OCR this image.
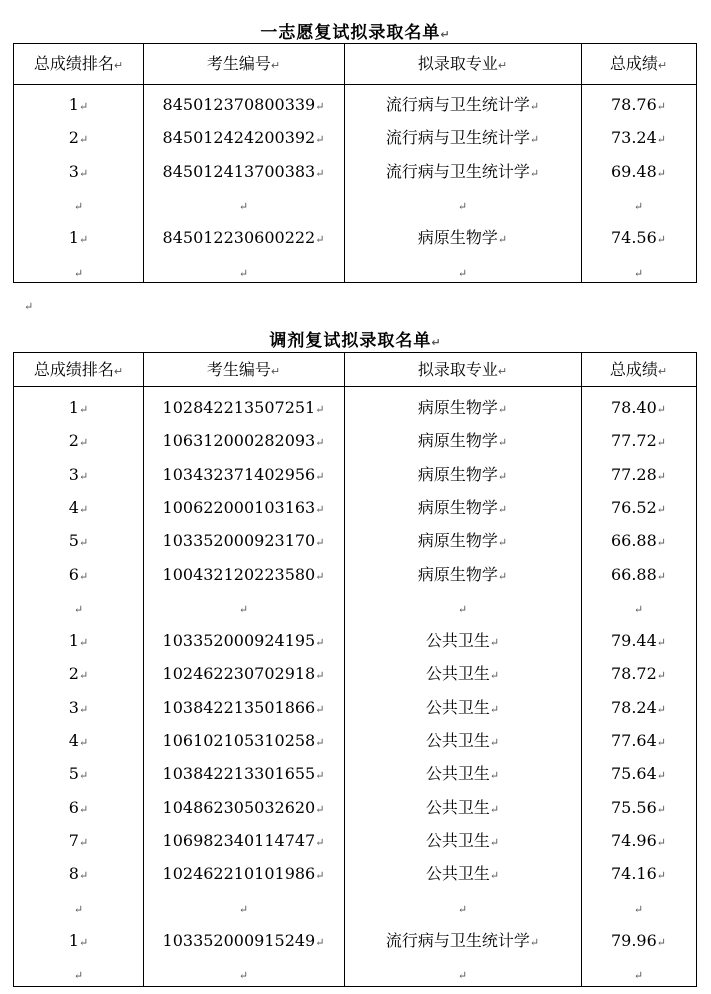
一志愿复试拟录取名单↵
总成绩排名↵	考生编号↵	拟录取专业↵	总成绩↵
1↵	845012370800339↵	流行病与卫生统计学↵	78.76↵
2↵	845012424200392↵	流行病与卫生统计学↵	73.24↵
3↵	845012413700383↵	流行病与卫生统计学↵	69.48↵
↵	↵	↵	↵
1↵	845012230600222↵	病原生物学↵	74.56↵
↵	↵	↵	↵
↵
调剂复试拟录取名单↵
总成绩排名↵	考生编号↵	拟录取专业↵	总成绩↵
1↵	102842213507251↵	病原生物学↵	78.40↵
2↵	106312000282093↵	病原生物学↵	77.72↵
3↵	103432371402956↵	病原生物学↵	77.28↵
4↵	100622000103163↵	病原生物学↵	76.52↵
5↵	103352000923170↵	病原生物学↵	66.88↵
6↵	100432120223580↵	病原生物学↵	66.88↵
↵	↵	↵	↵
1↵	103352000924195↵	公共卫生↵	79.44↵
2↵	102462230702918↵	公共卫生↵	78.72↵
3↵	103842213501866↵	公共卫生↵	78.24↵
4↵	106102105310258↵	公共卫生↵	77.64↵
5↵	103842213301655↵	公共卫生↵	75.64↵
6↵	104862305032620↵	公共卫生↵	75.56↵
7↵	106982340114747↵	公共卫生↵	74.96↵
8↵	102462210101986↵	公共卫生↵	74.16↵
↵	↵	↵	↵
1↵	103352000915249↵	流行病与卫生统计学↵	79.96↵
↵	↵	↵	↵
